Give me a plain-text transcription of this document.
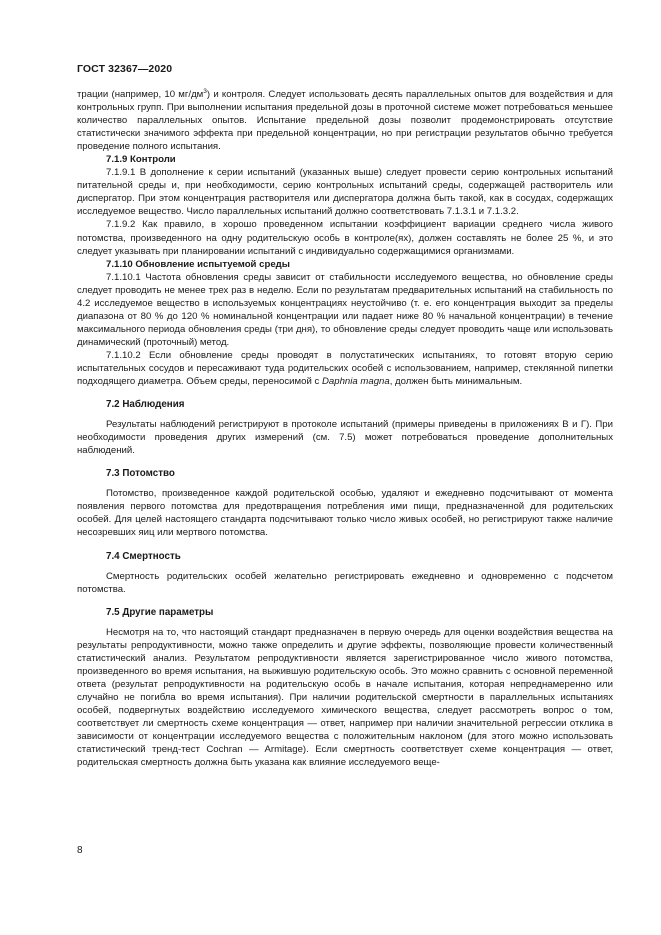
ГОСТ 32367—2020

трации (например, 10 $мг/дм^3$) и контроля. Следует использовать десять параллельных опытов для воздействия и для контрольных групп. При выполнении испытания предельной дозы в проточной системе может потребоваться меньшее количество параллельных опытов. Испытание предельной дозы позволит продемонстрировать отсутствие статистически значимого эффекта при предельной концентрации, но при регистрации результатов обычно требуется проведение полного испытания.

7.1.9 Контроли

7.1.9.1 В дополнение к серии испытаний (указанных выше) следует провести серию контрольных испытаний питательной среды и, при необходимости, серию контрольных испытаний среды, содержащей растворитель или диспергатор. При этом концентрация растворителя или диспергатора должна быть такой, как в сосудах, содержащих исследуемое вещество. Число параллельных испытаний должно соответствовать 7.1.3.1 и 7.1.3.2.

7.1.9.2 Как правило, в хорошо проведенном испытании коэффициент вариации среднего числа живого потомства, произведенного на одну родительскую особь в контроле(ях), должен составлять не более 25 %, и это следует указывать при планировании испытаний с индивидуально содержащимися организмами.

7.1.10 Обновление испытуемой среды

7.1.10.1 Частота обновления среды зависит от стабильности исследуемого вещества, но обновление среды следует проводить не менее трех раз в неделю. Если по результатам предварительных испытаний на стабильность по 4.2 исследуемое вещество в используемых концентрациях неустойчиво (т. е. его концентрация выходит за пределы диапазона от 80 % до 120 % номинальной концентрации или падает ниже 80 % начальной концентрации) в течение максимального периода обновления среды (три дня), то обновление среды следует проводить чаще или использовать динамический (проточный) метод.

7.1.10.2 Если обновление среды проводят в полустатических испытаниях, то готовят вторую серию испытательных сосудов и пересаживают туда родительских особей с использованием, например, стеклянной пипетки подходящего диаметра. Объем среды, переносимой с Daphnia magna, должен быть минимальным.

7.2 Наблюдения

Результаты наблюдений регистрируют в протоколе испытаний (примеры приведены в приложениях В и Г). При необходимости проведения других измерений (см. 7.5) может потребоваться проведение дополнительных наблюдений.

7.3 Потомство

Потомство, произведенное каждой родительской особью, удаляют и ежедневно подсчитывают от момента появления первого потомства для предотвращения потребления ими пищи, предназначенной для родительских особей. Для целей настоящего стандарта подсчитывают только число живых особей, но регистрируют также наличие несозревших яиц или мертвого потомства.

7.4 Смертность

Смертность родительских особей желательно регистрировать ежедневно и одновременно с подсчетом потомства.

7.5 Другие параметры

Несмотря на то, что настоящий стандарт предназначен в первую очередь для оценки воздействия вещества на результаты репродуктивности, можно также определить и другие эффекты, позволяющие провести количественный статистический анализ. Результатом репродуктивности является зарегистрированное число живого потомства, произведенного во время испытания, на выжившую родительскую особь. Это можно сравнить с основной переменной ответа (результат репродуктивности на родительскую особь в начале испытания, которая непреднамеренно или случайно не погибла во время испытания). При наличии родительской смертности в параллельных испытаниях особей, подвергнутых воздействию исследуемого химического вещества, следует рассмотреть вопрос о том, соответствует ли смертность схеме концентрация — ответ, например при наличии значительной регрессии отклика в зависимости от концентрации исследуемого вещества с положительным наклоном (для этого можно использовать статистический тренд-тест Cochran — Armitage). Если смертность соответствует схеме концентрация — ответ, родительская смертность должна быть указана как влияние исследуемого веще-

8
